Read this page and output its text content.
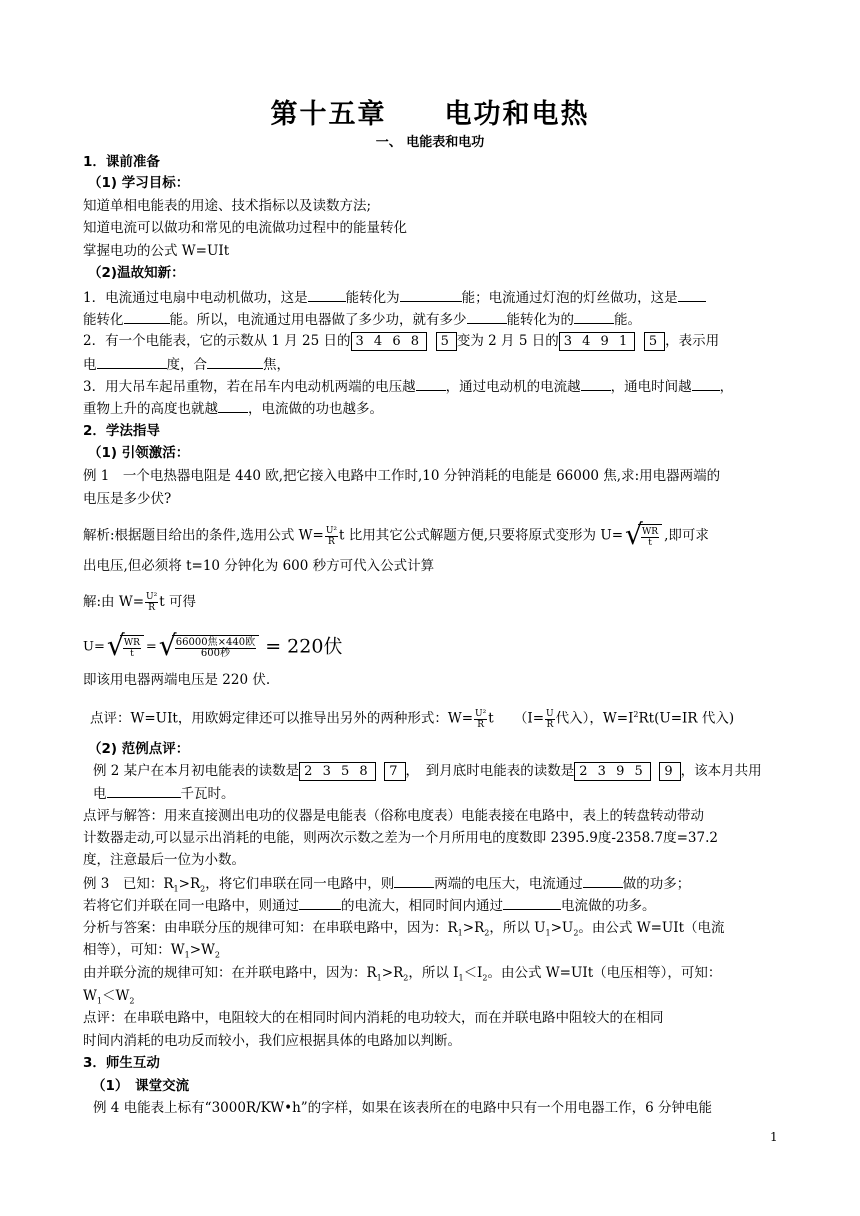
第十五章　　电功和电热
一、 电能表和电功
1．课前准备
（1) 学习目标：
知道单相电能表的用途、技术指标以及读数方法;
知道电流可以做功和常见的电流做功过程中的能量转化
掌握电功的公式 W=UIt
（2)温故知新：
1．电流通过电扇中电动机做功，这是	能转化为	能；电流通过灯泡的灯丝做功，这是
能转化	能。所以，电流通过用电器做了多少功，就有多少	能转化为的	能。
2．有一个电能表，它的示数从 1 月 25 日的 3 4 6 8 5 变为 2 月 5 日的 3 4 9 1 5 ，表示用
电	度，合	焦，
3．用大吊车起吊重物，若在吊车内电动机两端的电压越 ，通过电动机的电流越 ，通电时间越 ，
重物上升的高度也就越 ，电流做的功也越多。
2．学法指导
（1) 引领激活：
例 1　一个电热器电阻是 440 欧,把它接入电路中工作时,10 分钟消耗的电能是 66000 焦,求:用电器两端的
电压是多少伏?
解析:根据题目给出的条件,选用公式 $W= \frac{\text{U²}}{R}$ t 比用其它公式解题方便,只要将原式变形为 U= √
$\frac{WR}{t}$ ,即可求
出电压,但必须将 t=10 分钟化为 600 秒方可代入公式计算
解:由 $W= \frac{\text{U²}}{R}$ t 可得
U= √
$\frac{WR}{t}$ = √
$\frac{\text{66000焦×440欧}}{\text{600秒}} = 220$伏
即该用电器两端电压是 220 伏.
点评：W=UIt，用欧姆定律还可以推导出另外的两种形式：$W= \frac{\text{U²}}{R}$ t　　（$I= \frac{U}{R}$ 代入），$W=I^2Rt(U=IR$ 代入)
（2) 范例点评：
例 2 某户在本月初电能表的读数是 2 3 5 8 7 ，　到月底时电能表的读数是 2 3 9 5 9 ，该本月共用
电	千瓦时。
点评与解答：用来直接测出电功的仪器是电能表（俗称电度表）电能表接在电路中，表上的转盘转动带动
计数器走动,可以显示出消耗的电能，则两次示数之差为一个月所用电的度数即 2395.9度-2358.7度=37.2
度，注意最后一位为小数。
例 3　已知：$R_1>R_2$，将它们串联在同一电路中，则	两端的电压大，电流通过	做的功多；
若将它们并联在同一电路中，则通过	的电流大，相同时间内通过	电流做的功多。
分析与答案：由串联分压的规律可知：在串联电路中，因为：$R_1>R_2$，所以 $U_1>U_2$。由公式 W=UIt（电流
相等），可知：$W_1>W_2$
由并联分流的规律可知：在并联电路中，因为：$R_1>R_2$，所以 $I_1<I_2$。由公式 W=UIt（电压相等），可知：
$W_1<W_2$
点评：在串联电路中，电阻较大的在相同时间内消耗的电功较大，而在并联电路中阻较大的在相同
时间内消耗的电功反而较小，我们应根据具体的电路加以判断。
3．师生互动
（1）　课堂交流
例 4 电能表上标有“3000R/KW•h”的字样，如果在该表所在的电路中只有一个用电器工作，6 分钟电能
1
